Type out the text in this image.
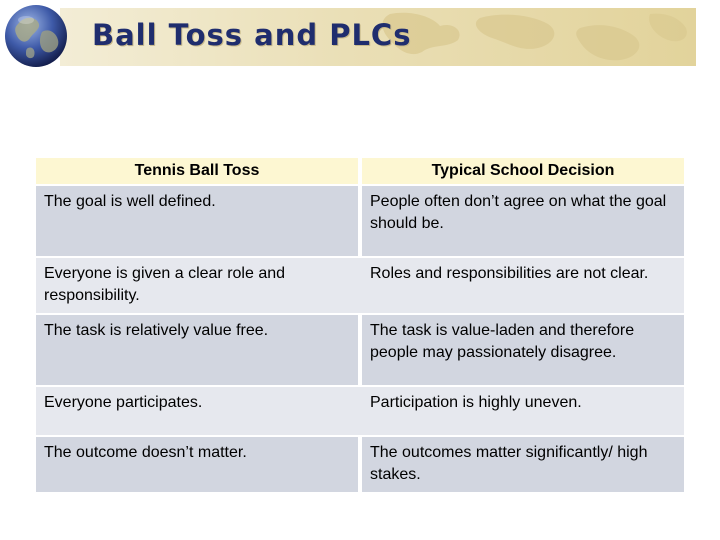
Ball Toss and PLCs
Tennis Ball Toss		Typical School Decision
The goal is well defined.		People often don’t agree on what the goal should be.
Everyone is given a clear role and responsibility.		Roles and responsibilities are not clear.
The task is relatively value free.		The task is value-laden and therefore people may passionately disagree.
Everyone participates.		Participation is highly uneven.
The outcome doesn’t matter.		The outcomes matter significantly/ high stakes.
